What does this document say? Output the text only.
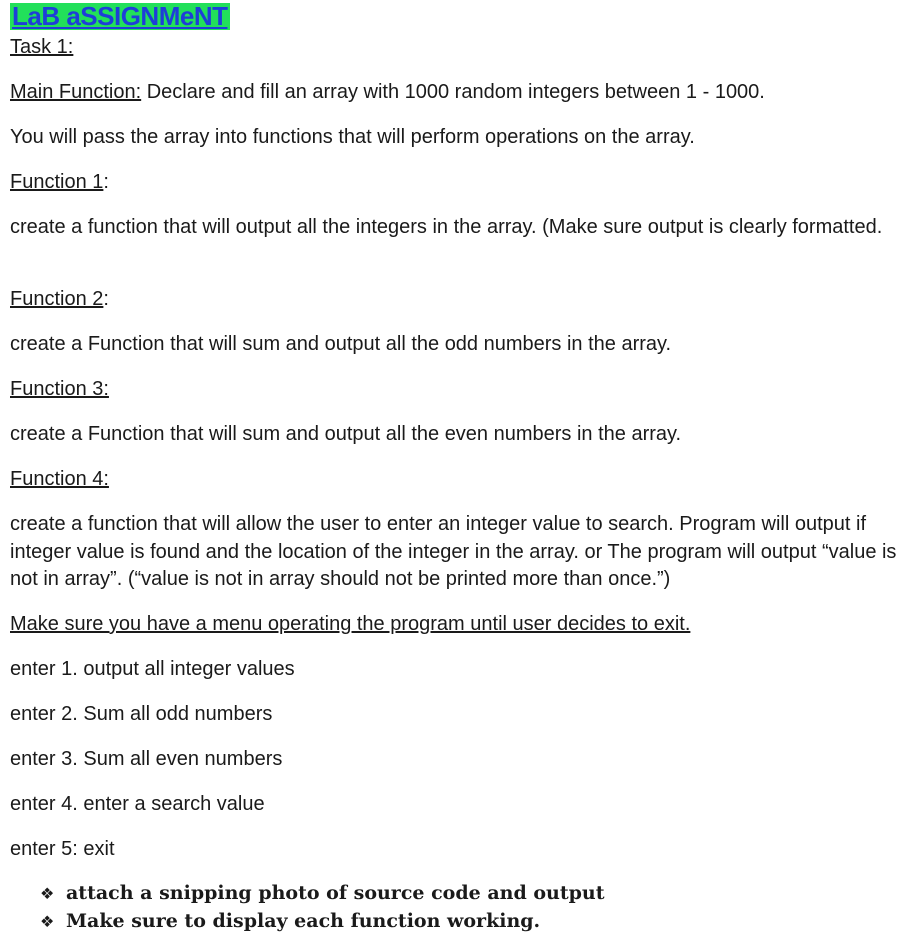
LaB aSSIGNMeNT
Task 1:
Main Function: Declare and fill an array with 1000 random integers between 1 - 1000.
You will pass the array into functions that will perform operations on the array.
Function 1:
create a function that will output all the integers in the array. (Make sure output is clearly formatted.
Function 2:
create a Function that will sum and output all the odd numbers in the array.
Function 3:
create a Function that will sum and output all the even numbers in the array.
Function 4:
create a function that will allow the user to enter an integer value to search. Program will output if integer value is found and the location of the integer in the array. or The program will output “value is not in array”. (“value is not in array should not be printed more than once.”)
Make sure you have a menu operating the program until user decides to exit.
enter 1. output all integer values
enter 2. Sum all odd numbers
enter 3. Sum all even numbers
enter 4. enter a search value
enter 5: exit
❖ attach a snipping photo of source code and output
❖ Make sure to display each function working.
